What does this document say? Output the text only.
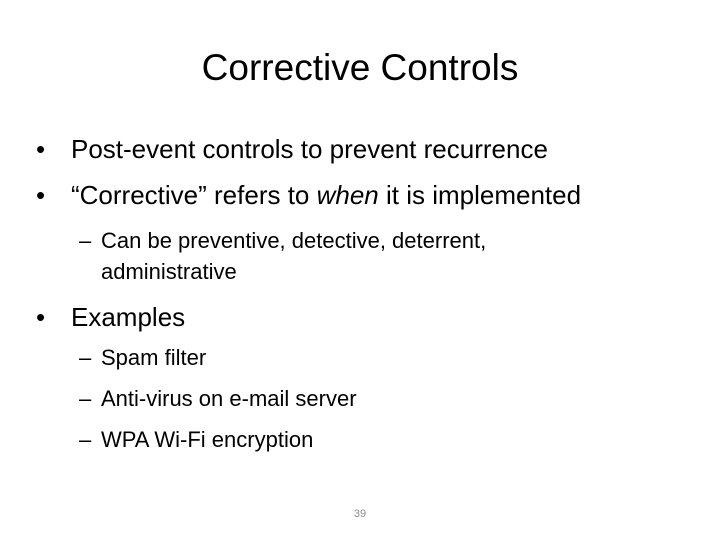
Corrective Controls
• Post-event controls to prevent recurrence
• “Corrective” refers to when it is implemented
– Can be preventive, detective, deterrent,
administrative
• Examples
– Spam filter
– Anti-virus on e-mail server
– WPA Wi-Fi encryption
39
